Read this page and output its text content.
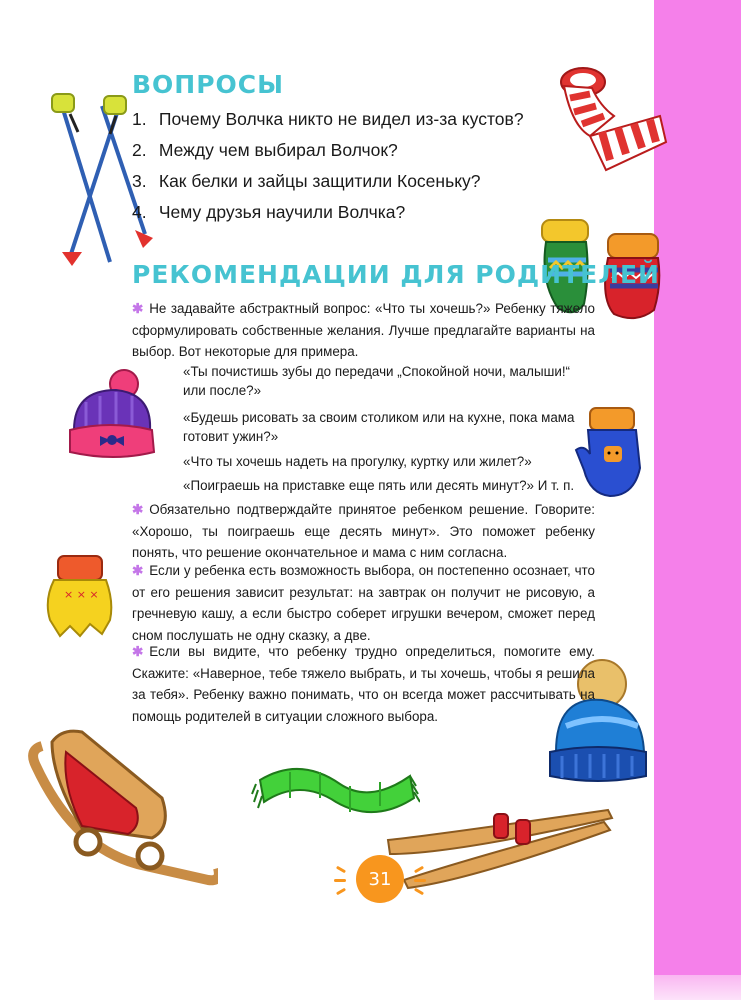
× × ×
ВОПРОСЫ
1. Почему Волчка никто не видел из-за кустов?
2. Между чем выбирал Волчок?
3. Как белки и зайцы защитили Косеньку?
4. Чему друзья научили Волчка?
РЕКОМЕНДАЦИИ ДЛЯ РОДИТЕЛЕЙ

✱ Не задавайте абстрактный вопрос: «Что ты хочешь?» Ребенку тяжело сформулировать собственные желания. Лучше предлагайте варианты на выбор. Вот некоторые для примера.

«Ты почистишь зубы до передачи „Спокойной ночи, малыши!“ или после?»

«Будешь рисовать за своим столиком или на кухне, пока мама готовит ужин?»

«Что ты хочешь надеть на прогулку, куртку или жилет?»

«Поиграешь на приставке еще пять или десять минут?» И т. п.

✱ Обязательно подтверждайте принятое ребенком решение. Говорите: «Хорошо, ты поиграешь еще десять минут». Это поможет ребенку понять, что решение окончательное и мама с ним согласна.

✱ Если у ребенка есть возможность выбора, он постепенно осознает, что от его решения зависит результат: на завтрак он получит не рисовую, а гречневую кашу, а если быстро соберет игрушки вечером, сможет перед сном послушать не одну сказку, а две.

✱ Если вы видите, что ребенку трудно определиться, помогите ему. Скажите: «Наверное, тебе тяжело выбрать, и ты хочешь, чтобы я решила за тебя». Ребенку важно понимать, что он всегда может рассчитывать на помощь родителей в ситуации сложного выбора.

31
